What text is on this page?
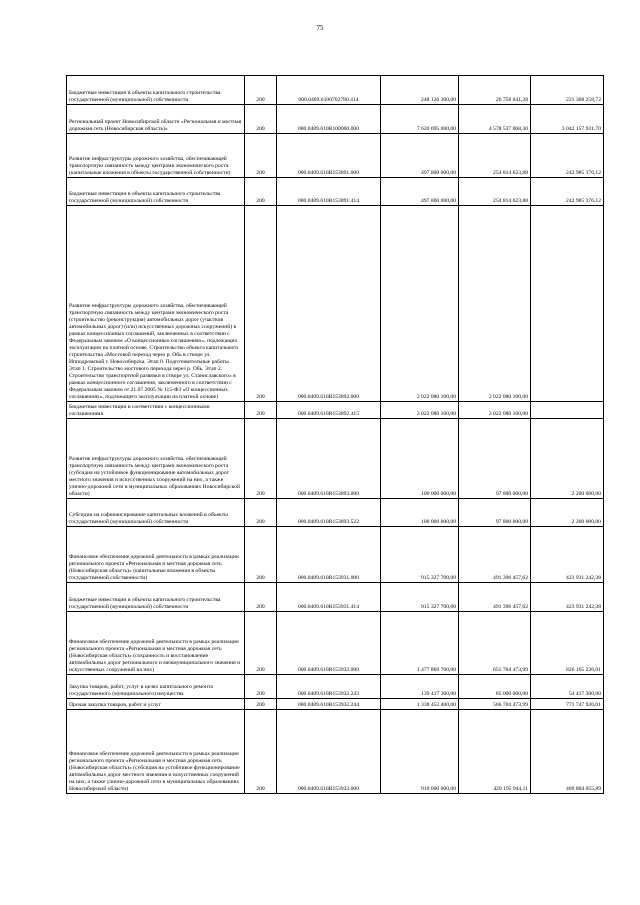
75
Бюджетные инвестиции в объекты капитального строительства государственной (муниципальной) собственности	200	000.0409.6100702780.414	248 126 300,00	26 758 041,28	221 368 258,72
Региональный проект Новосибирской области «Региональная и местная дорожная сеть (Новосибирская область)»	200	000.0409.610R100000.000	7 620 695 000,00	4 578 537 068,30	3 042 157 931,70
Развитие инфраструктуры дорожного хозяйства, обеспечивающей транспортную связанность между центрами экономического роста (капитальные вложения в объекты государственной собственности)	200	000.0409.610R153891.000	497 800 000,00	254 814 623,88	242 985 376,12
Бюджетные инвестиции в объекты капитального строительства государственной (муниципальной) собственности	200	000.0409.610R153891.414	497 800 000,00	254 814 623,88	242 985 376,12
Развитие инфраструктуры дорожного хозяйства, обеспечивающей транспортную связанность между центрами экономического роста (строительство (реконструкция) автомобильных дорог (участков автомобильных дорог) (или) искусственных дорожных сооружений) в рамках концессионных соглашений, заключенных в соответствии с Федеральным законом «О концессионных соглашениях», подлежащих эксплуатации на платной основе. Строительство объекта капитального строительства «Мостовой переход через р. Обь в створе ул. Ипподромской г. Новосибирска. Этап 0. Подготовительные работы. Этап 1. Строительство мостового перехода через р. Обь. Этап 2. Строительство транспортной развязки в створе ул. Станиславского» в рамках концессионного соглашения, заключенного в соответствии с Федеральным законом от 21.07.2005 № 115-ФЗ «О концессионных соглашениях», подлежащего эксплуатации на платной основе)	200	000.0409.610R153892.000	2 022 080 100,00	2 022 080 100,00	
Бюджетные инвестиции в соответствии с концессионными соглашениями	200	000.0409.610R153892.415	2 022 080 100,00	2 022 080 100,00	
Развитие инфраструктуры дорожного хозяйства, обеспечивающей транспортную связанность между центрами экономического роста (субсидия на устойчивое функционирование автомобильных дорог местного значения и искусственных сооружений на них, а также улично-дорожной сети в муниципальных образованиях Новосибирской области)	200	000.0409.610R153893.000	100 000 000,00	97 800 000,00	2 200 000,00
Субсидии на софинансирование капитальных вложений в объекты государственной (муниципальной) собственности	200	000.0409.610R153893.522	100 000 000,00	97 800 000,00	2 200 000,00
Финансовое обеспечение дорожной деятельности в рамках реализации регионального проекта «Региональная и местная дорожная сеть (Новосибирская область)» (капитальные вложения в объекты государственной собственности)	200	000.0409.610R153931.000	915 327 700,00	491 396 457,62	423 931 242,38
Бюджетные инвестиции в объекты капитального строительства государственной (муниципальной) собственности	200	000.0409.610R153931.414	915 327 700,00	491 396 457,62	423 931 242,38
Финансовое обеспечение дорожной деятельности в рамках реализации регионального проекта «Региональная и местная дорожная сеть (Новосибирская область)» (сохранность и восстановление автомобильных дорог регионального и межмуниципального значения и искусственных сооружений на них)	200	000.0409.610R153932.000	1 477 869 700,00	651 704 473,99	826 165 226,01
Закупка товаров, работ, услуг в целях капитального ремонта государственного (муниципального) имущества	200	000.0409.610R153932.243	139 417 300,00	85 000 000,00	54 417 300,00
Прочая закупка товаров, работ и услуг	200	000.0409.610R153932.244	1 338 452 400,00	566 704 473,99	771 747 926,01
Финансовое обеспечение дорожной деятельности в рамках реализации регионального проекта «Региональная и местная дорожная сеть (Новосибирская область)» (субсидия на устойчивое функционирование автомобильных дорог местного значения и искусственных сооружений на них, а также улично-дорожной сети в муниципальных образованиях Новосибирской области)	200	000.0409.610R153933.000	910 000 000,00	420 195 944,11	489 804 055,89
